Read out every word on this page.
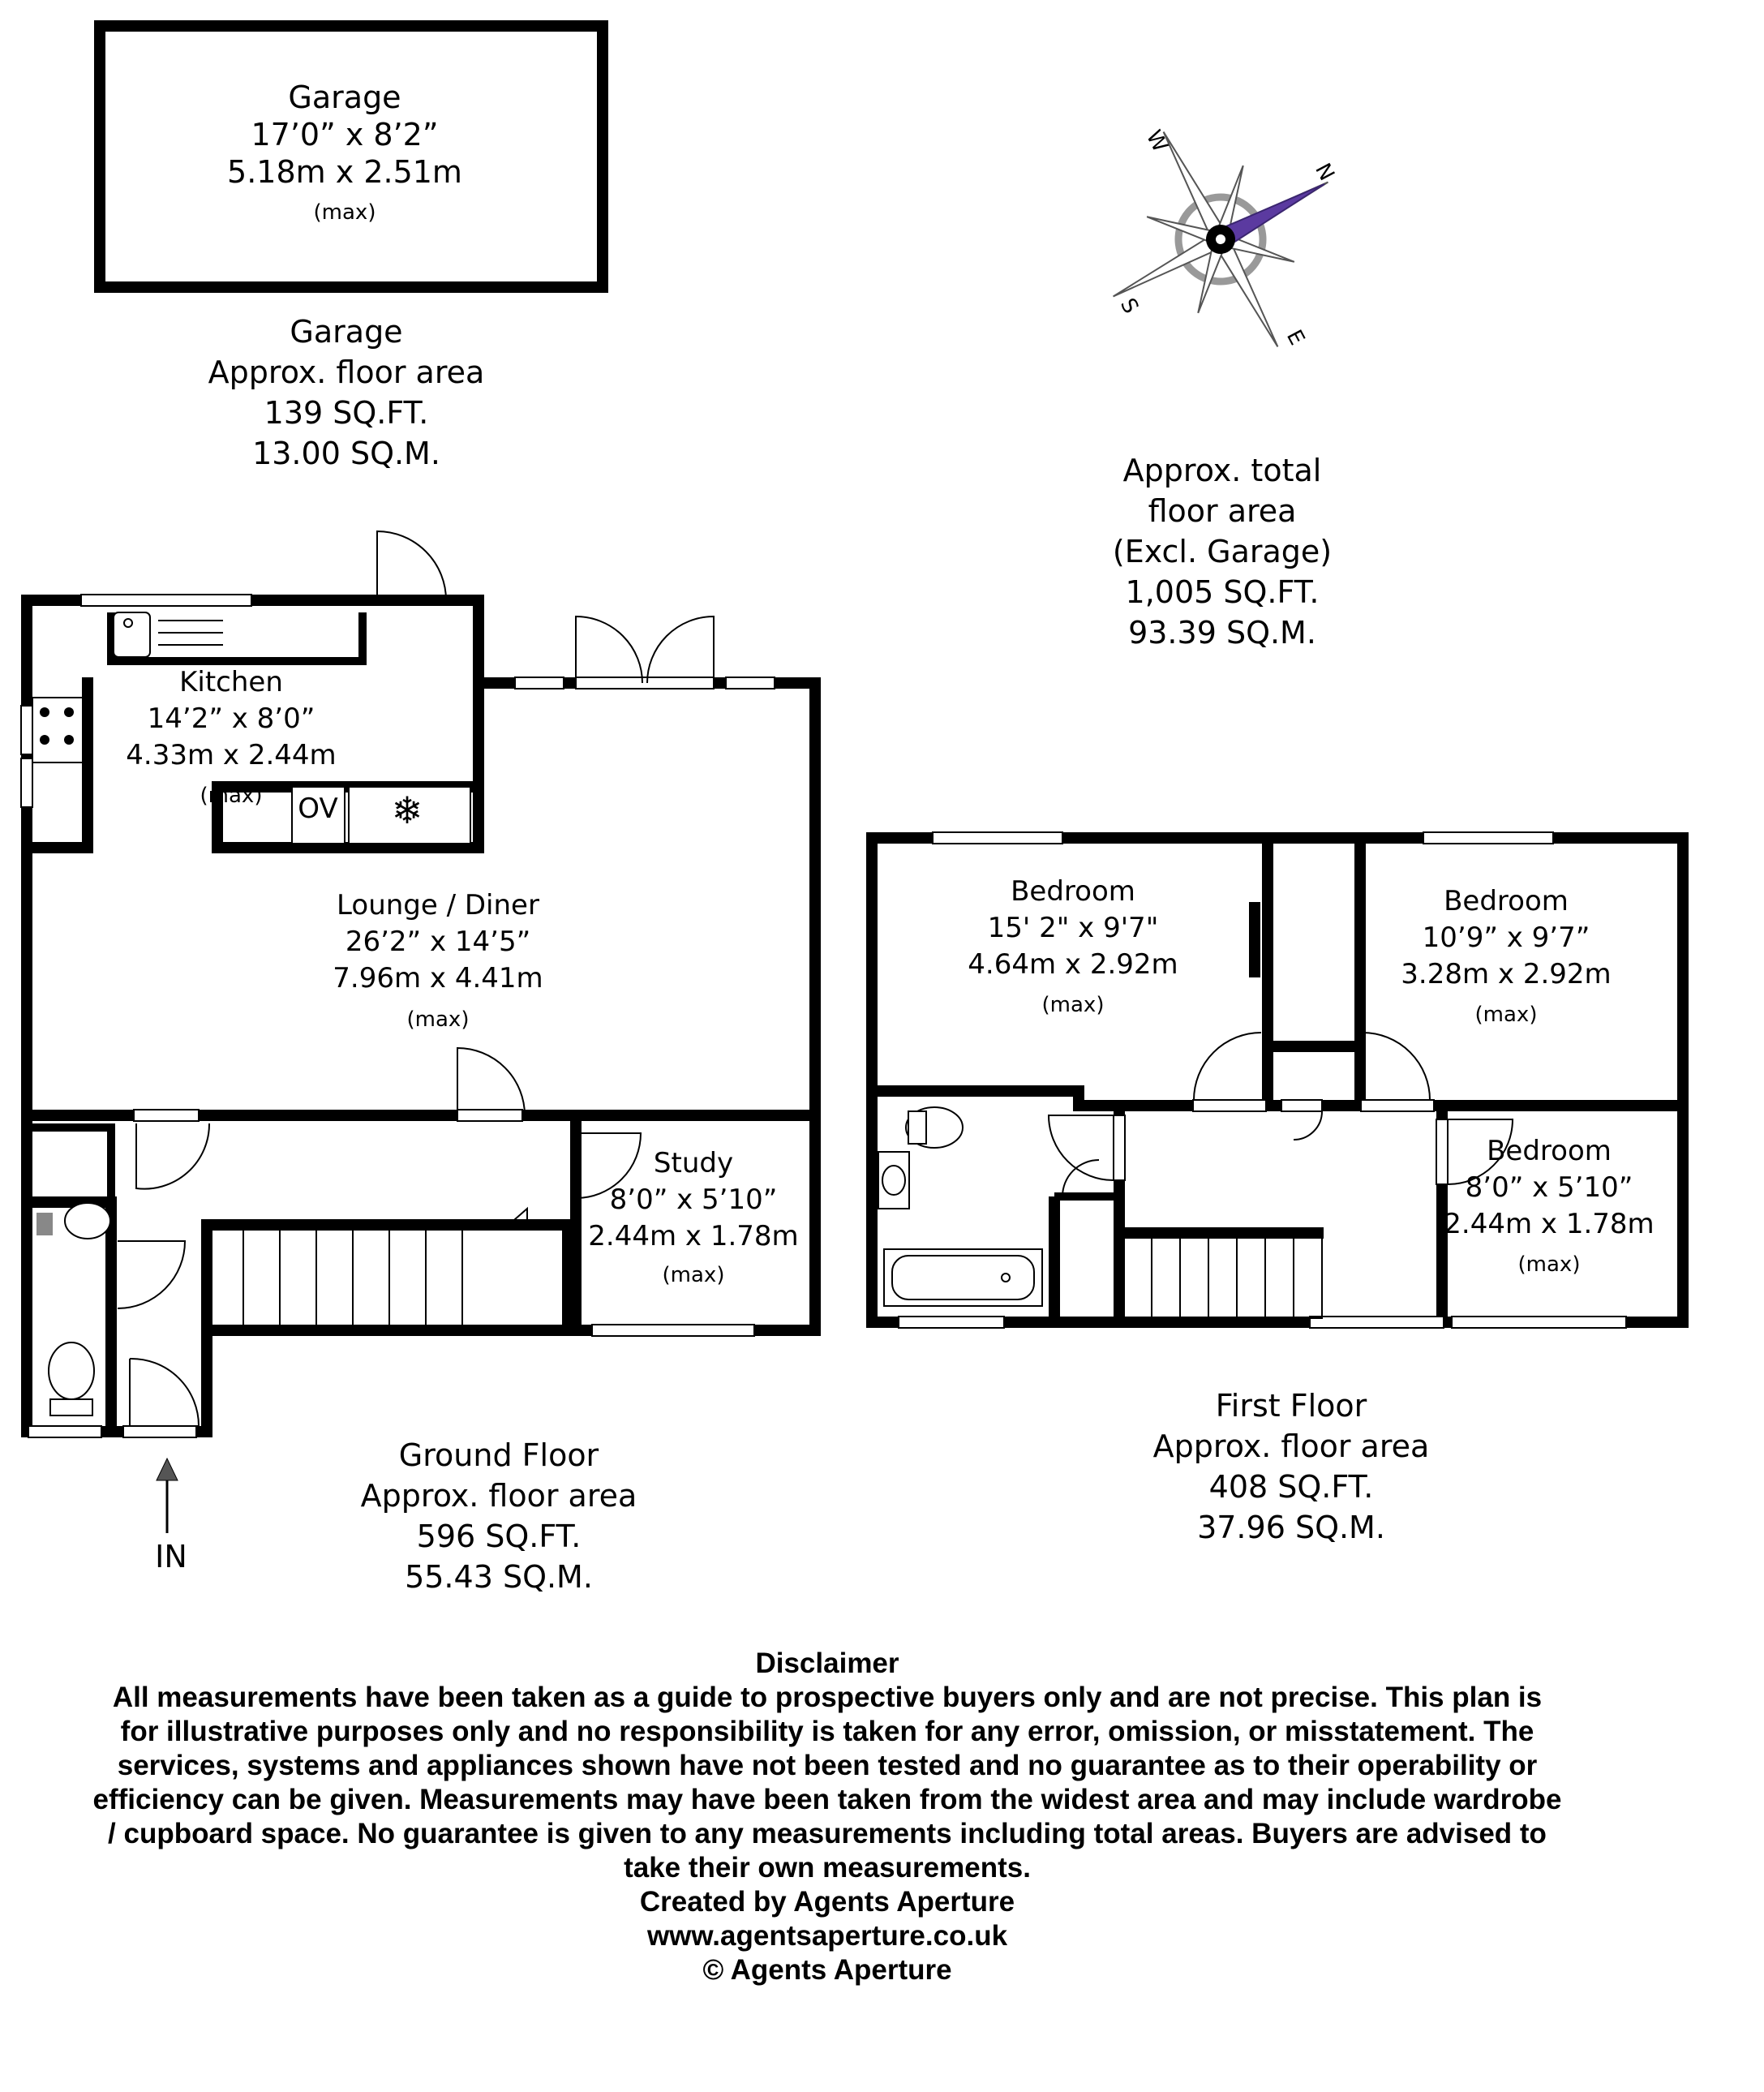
Garage
17’0” x 8’2”
5.18m x 2.51m
(max)
Garage
Approx. floor area
139 SQ.FT.
13.00 SQ.M.
N
W
S
E
Approx. total
floor area
(Excl. Garage)
1,005 SQ.FT.
93.39 SQ.M.
OV ❄
Kitchen
14’2” x 8’0”
4.33m x 2.44m
(max)
Lounge / Diner
26’2” x 14’5”
7.96m x 4.41m
(max)
Study
8’0” x 5’10”
2.44m x 1.78m
(max)
IN
Ground Floor
Approx. floor area
596 SQ.FT.
55.43 SQ.M.
Bedroom
15' 2" x 9'7"
4.64m x 2.92m
(max)
Bedroom
10’9” x 9’7”
3.28m x 2.92m
(max)
Bedroom
8’0” x 5’10”
2.44m x 1.78m
(max)
First Floor
Approx. floor area
408 SQ.FT.
37.96 SQ.M.
Disclaimer
All measurements have been taken as a guide to prospective buyers only and are not precise. This plan is
for illustrative purposes only and no responsibility is taken for any error, omission, or misstatement. The
services, systems and appliances shown have not been tested and no guarantee as to their operability or
efficiency can be given. Measurements may have been taken from the widest area and may include wardrobe
/ cupboard space. No guarantee is given to any measurements including total areas. Buyers are advised to
take their own measurements.
Created by Agents Aperture
www.agentsaperture.co.uk
© Agents Aperture
